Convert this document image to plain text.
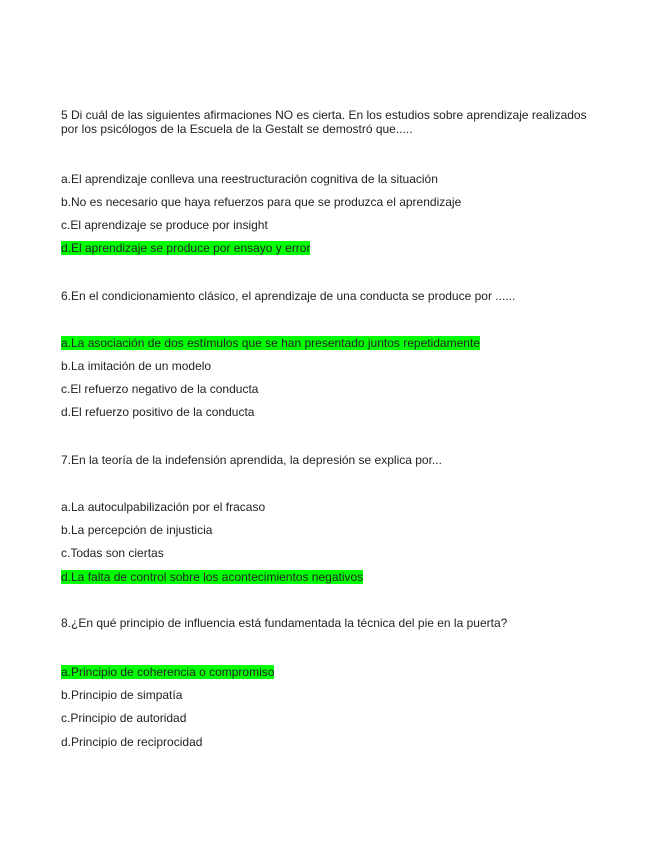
5 Di cuál de las siguientes afirmaciones NO es cierta. En los estudios sobre aprendizaje realizados por los psicólogos de la Escuela de la Gestalt se demostró que.....

a.El aprendizaje conlleva una reestructuración cognitiva de la situación
b.No es necesario que haya refuerzos para que se produzca el aprendizaje
c.El aprendizaje se produce por insight
d.El aprendizaje se produce por ensayo y error

6.En el condicionamiento clásico, el aprendizaje de una conducta se produce por ......

a.La asociación de dos estímulos que se han presentado juntos repetidamente
b.La imitación de un modelo
c.El refuerzo negativo de la conducta
d.El refuerzo positivo de la conducta

7.En la teoría de la indefensión aprendida, la depresión se explica por...

a.La autoculpabilización por el fracaso
b.La percepción de injusticia
c.Todas son ciertas
d.La falta de control sobre los acontecimientos negativos

8.¿En qué principio de influencia está fundamentada la técnica del pie en la puerta?

a.Principio de coherencia o compromiso
b.Principio de simpatía
c.Principio de autoridad
d.Principio de reciprocidad
